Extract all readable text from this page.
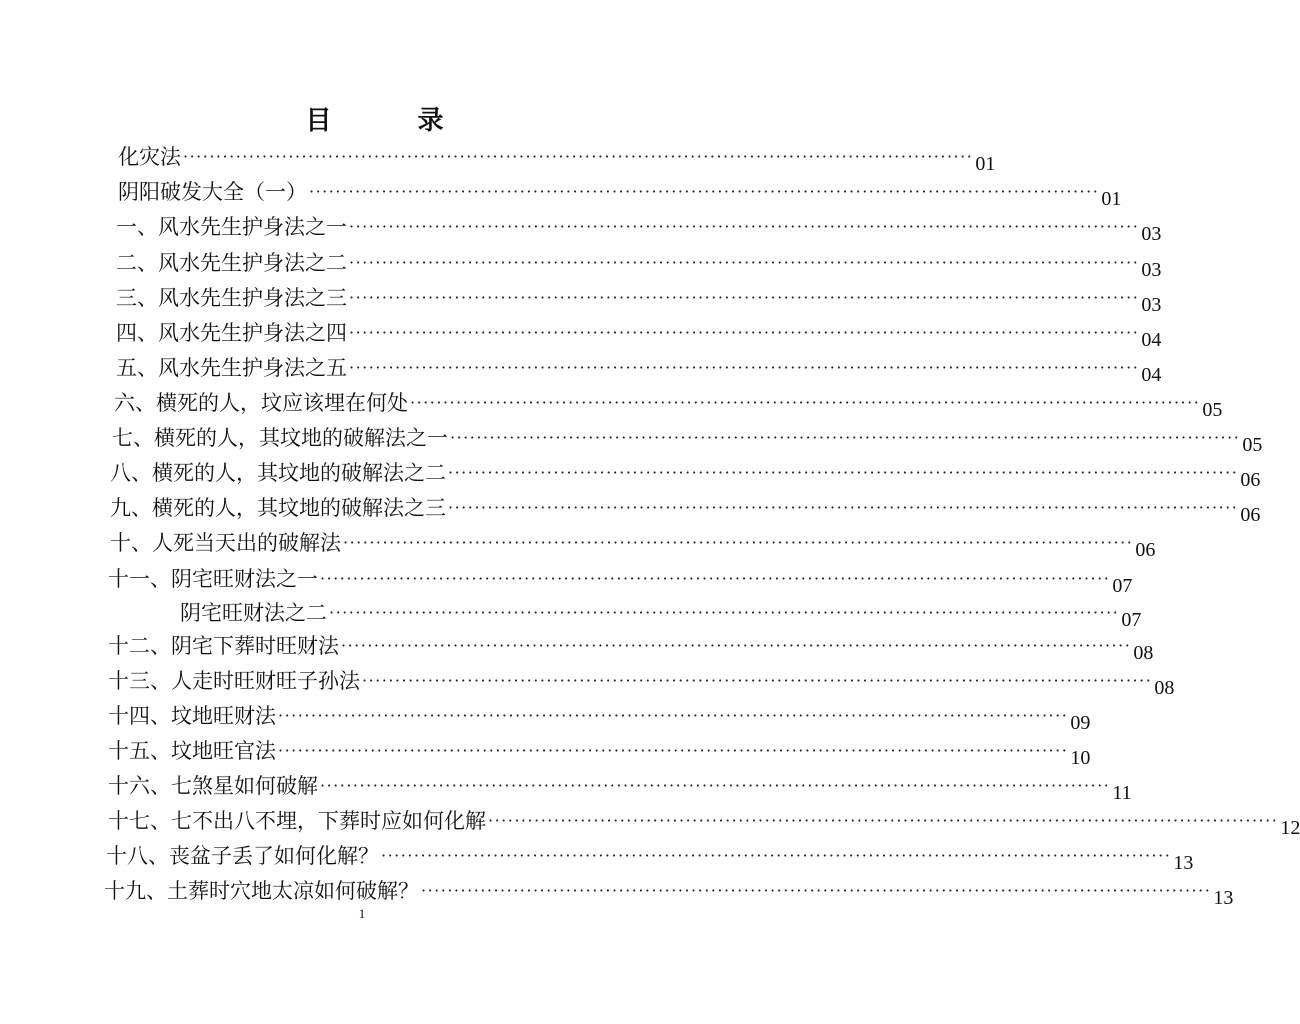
目　录
化灾法 ························································································································ 01
阴阳破发大全（一） ························································································································ 01
一、风水先生护身法之一 ························································································································ 03
二、风水先生护身法之二 ························································································································ 03
三、风水先生护身法之三 ························································································································ 03
四、风水先生护身法之四 ························································································································ 04
五、风水先生护身法之五 ························································································································ 04
六、横死的人，坟应该埋在何处 ························································································································ 05
七、横死的人，其坟地的破解法之一 ························································································································ 05
八、横死的人，其坟地的破解法之二 ························································································································ 06
九、横死的人，其坟地的破解法之三 ························································································································ 06
十、人死当天出的破解法 ························································································································ 06
十一、阴宅旺财法之一 ························································································································ 07
阴宅旺财法之二 ························································································································ 07
十二、阴宅下葬时旺财法 ························································································································ 08
十三、人走时旺财旺子孙法 ························································································································ 08
十四、坟地旺财法 ························································································································ 09
十五、坟地旺官法 ························································································································ 10
十六、七煞星如何破解 ························································································································ 11
十七、七不出八不埋，下葬时应如何化解 ························································································································ 12
十八、丧盆子丢了如何化解？ ························································································································ 13
十九、土葬时穴地太凉如何破解？ ························································································································ 13
1
